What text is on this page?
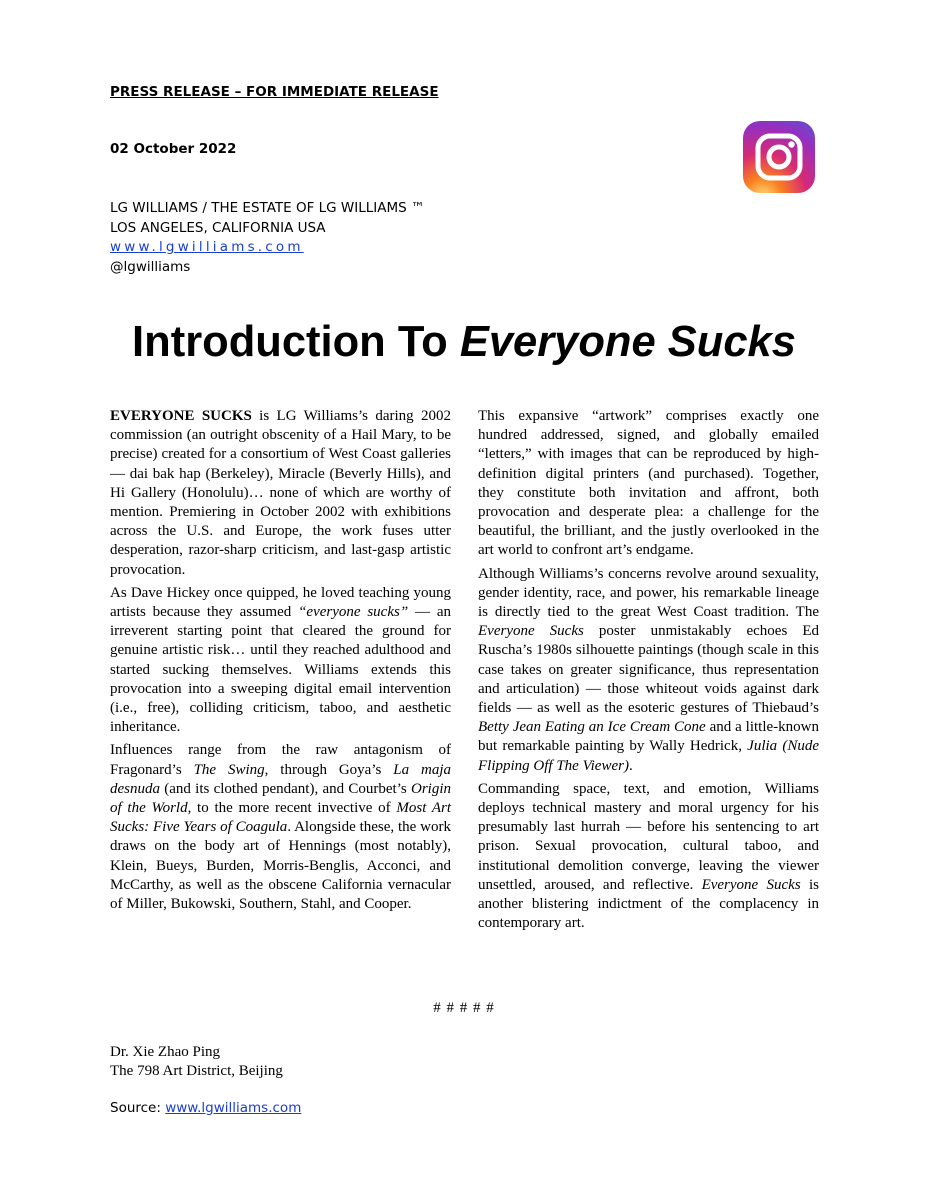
PRESS RELEASE – FOR IMMEDIATE RELEASE

02 October 2022

LG WILLIAMS / THE ESTATE OF LG WILLIAMS ™
LOS ANGELES, CALIFORNIA USA
www.lgwilliams.com
@lgwilliams
Introduction To Everyone Sucks

EVERYONE SUCKS is LG Williams’s daring 2002 commission (an outright obscenity of a Hail Mary, to be precise) created for a consortium of West Coast galleries — dai bak hap (Berkeley), Miracle (Beverly Hills), and Hi Gallery (Honolulu)… none of which are worthy of mention. Premiering in October 2002 with exhibitions across the U.S. and Europe, the work fuses utter desperation, razor-sharp criticism, and last-gasp artistic provocation.

As Dave Hickey once quipped, he loved teaching young artists because they assumed “everyone sucks” — an irreverent starting point that cleared the ground for genuine artistic risk… until they reached adulthood and started sucking themselves. Williams extends this provocation into a sweeping digital email intervention (i.e., free), colliding criticism, taboo, and aesthetic inheritance.

Influences range from the raw antagonism of Fragonard’s The Swing, through Goya’s La maja desnuda (and its clothed pendant), and Courbet’s Origin of the World, to the more recent invective of Most Art Sucks: Five Years of Coagula. Alongside these, the work draws on the body art of Hennings (most notably), Klein, Bueys, Burden, Morris-Benglis, Acconci, and McCarthy, as well as the obscene California vernacular of Miller, Bukowski, Southern, Stahl, and Cooper.

This expansive “artwork” comprises exactly one hundred addressed, signed, and globally emailed “letters,” with images that can be reproduced by high-definition digital printers (and purchased). Together, they constitute both invitation and affront, both provocation and desperate plea: a challenge for the beautiful, the brilliant, and the justly overlooked in the art world to confront art’s endgame.

Although Williams’s concerns revolve around sexuality, gender identity, race, and power, his remarkable lineage is directly tied to the great West Coast tradition. The Everyone Sucks poster unmistakably echoes Ed Ruscha’s 1980s silhouette paintings (though scale in this case takes on greater significance, thus representation and articulation) — those whiteout voids against dark fields — as well as the esoteric gestures of Thiebaud’s Betty Jean Eating an Ice Cream Cone and a little-known but remarkable painting by Wally Hedrick, Julia (Nude Flipping Off The Viewer).

Commanding space, text, and emotion, Williams deploys technical mastery and moral urgency for his presumably last hurrah — before his sentencing to art prison. Sexual provocation, cultural taboo, and institutional demolition converge, leaving the viewer unsettled, aroused, and reflective. Everyone Sucks is another blistering indictment of the complacency in contemporary art.

# # # # #

Dr. Xie Zhao Ping
The 798 Art District, Beijing

Source: www.lgwilliams.com
